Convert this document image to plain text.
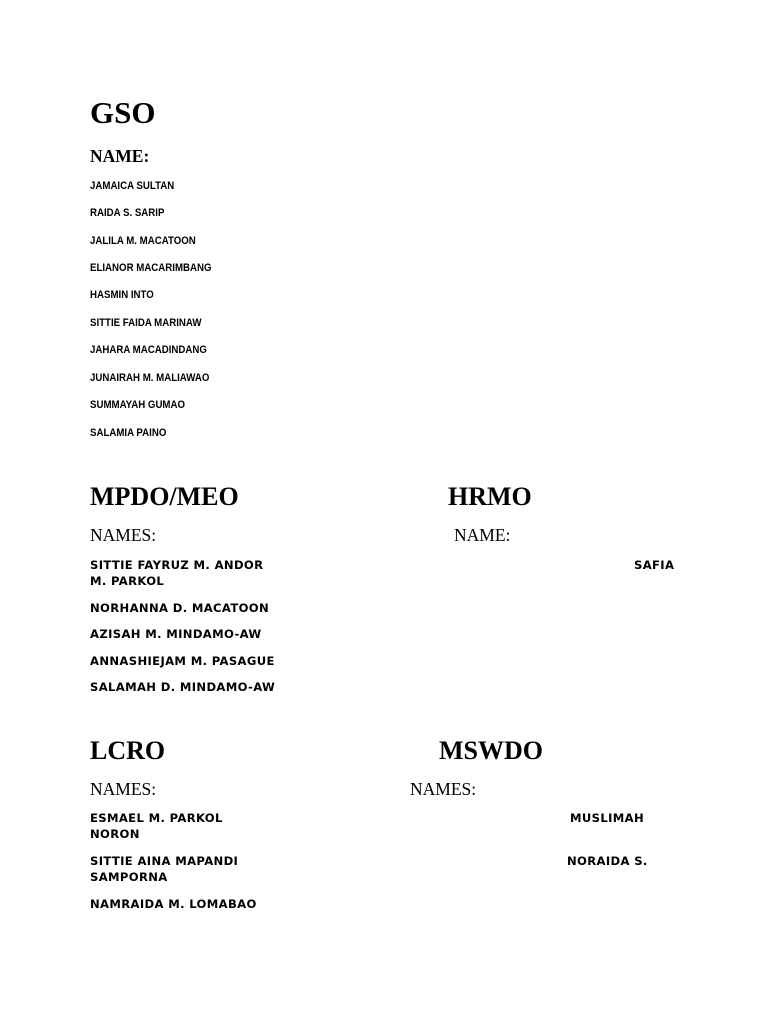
GSO
NAME:
JAMAICA SULTAN
RAIDA S. SARIP
JALILA M. MACATOON
ELIANOR MACARIMBANG
HASMIN INTO
SITTIE FAIDA MARINAW
JAHARA MACADINDANG
JUNAIRAH M. MALIAWAO
SUMMAYAH GUMAO
SALAMIA PAINO
MPDO/MEO
NAMES:
SITTIE FAYRUZ M. ANDOR
M. PARKOL
NORHANNA D. MACATOON
AZISAH M. MINDAMO-AW
ANNASHIEJAM M. PASAGUE
SALAMAH D. MINDAMO-AW
HRMO
NAME:
SAFIA
LCRO
NAMES:
ESMAEL M. PARKOL
NORON
SITTIE AINA MAPANDI
SAMPORNA
NAMRAIDA M. LOMABAO
MSWDO
NAMES:
MUSLIMAH
NORAIDA S.
